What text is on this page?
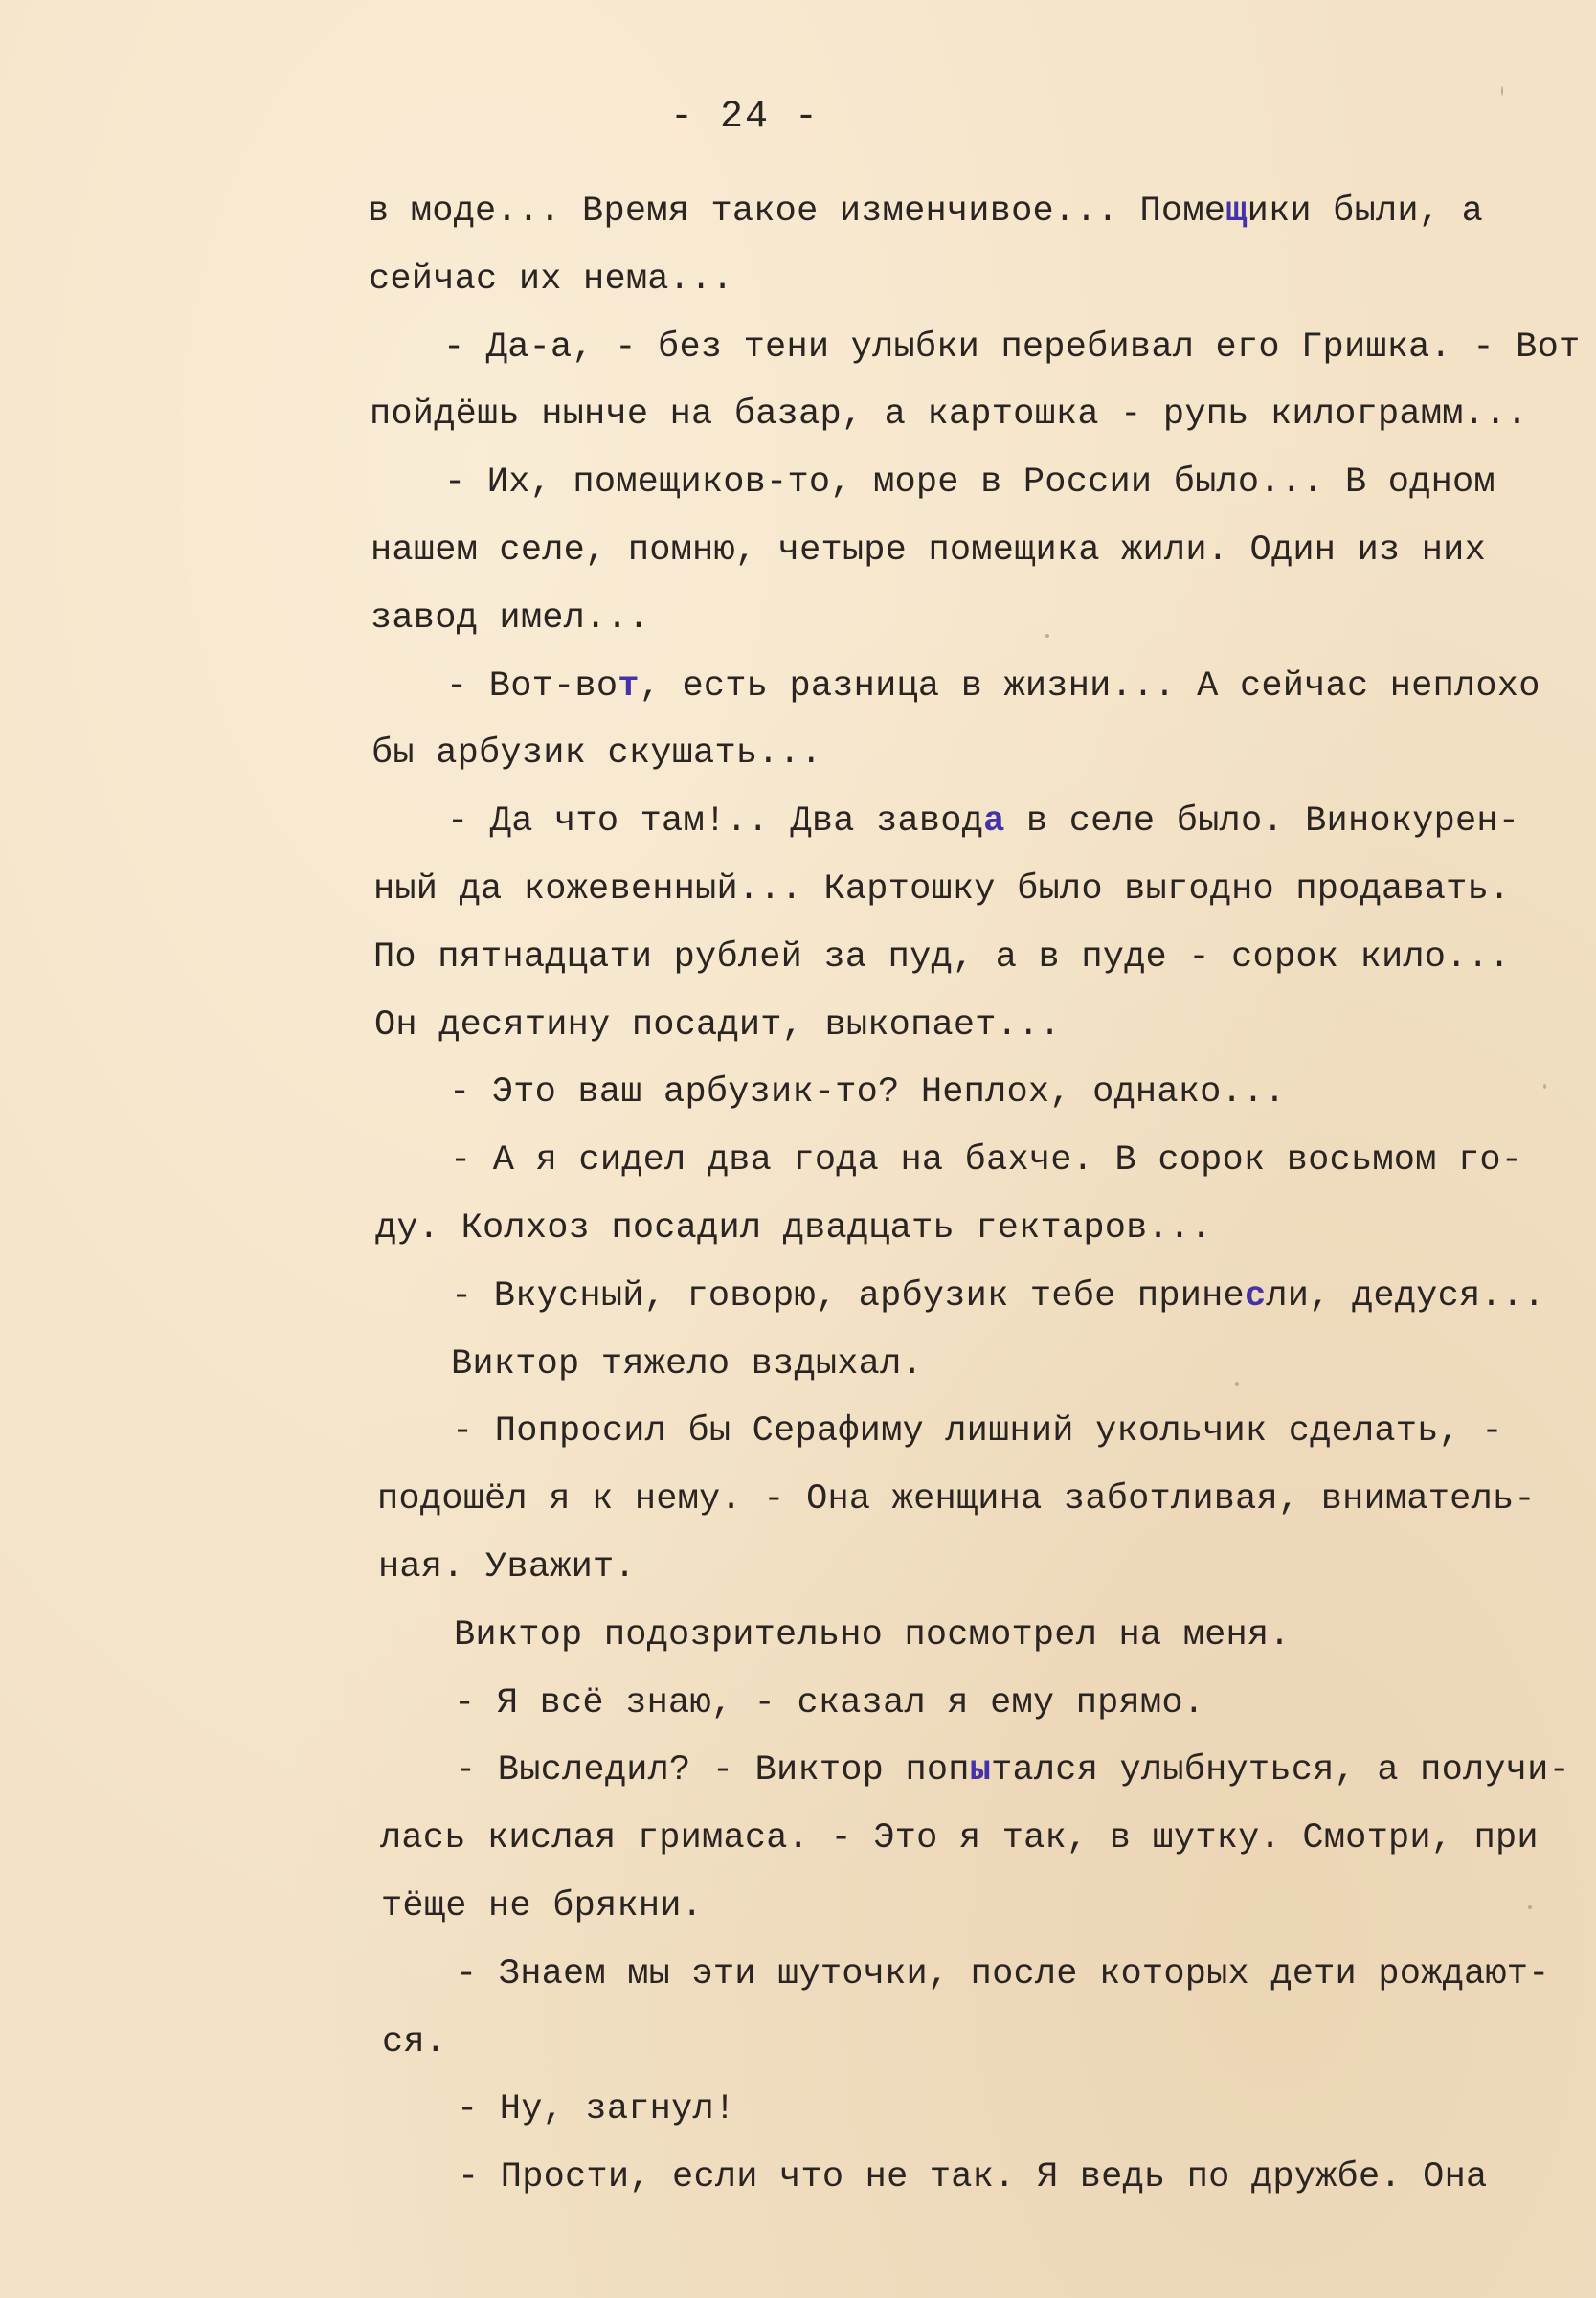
- 24 -
в моде... Время такое изменчивое... Помещики были, а
сейчас их нема...
- Да-а, - без тени улыбки перебивал его Гришка. - Вот
пойдёшь нынче на базар, а картошка - рупь килограмм...
- Их, помещиков-то, море в России было... В одном
нашем селе, помню, четыре помещика жили. Один из них
завод имел...
- Вот-вот, есть разница в жизни... А сейчас неплохо
бы арбузик скушать...
- Да что там!.. Два завода в селе было. Винокурен-
ный да кожевенный... Картошку было выгодно продавать.
По пятнадцати рублей за пуд, а в пуде - сорок кило...
Он десятину посадит, выкопает...
- Это ваш арбузик-то? Неплох, однако...
- А я сидел два года на бахче. В сорок восьмом го-
ду. Колхоз посадил двадцать гектаров...
- Вкусный, говорю, арбузик тебе принесли, дедуся...
Виктор тяжело вздыхал.
- Попросил бы Серафиму лишний укольчик сделать, -
подошёл я к нему. - Она женщина заботливая, вниматель-
ная. Уважит.
Виктор подозрительно посмотрел на меня.
- Я всё знаю, - сказал я ему прямо.
- Выследил? - Виктор попытался улыбнуться, а получи-
лась кислая гримаса. - Это я так, в шутку. Смотри, при
тёще не брякни.
- Знаем мы эти шуточки, после которых дети рождают-
ся.
- Ну, загнул!
- Прости, если что не так. Я ведь по дружбе. Она
